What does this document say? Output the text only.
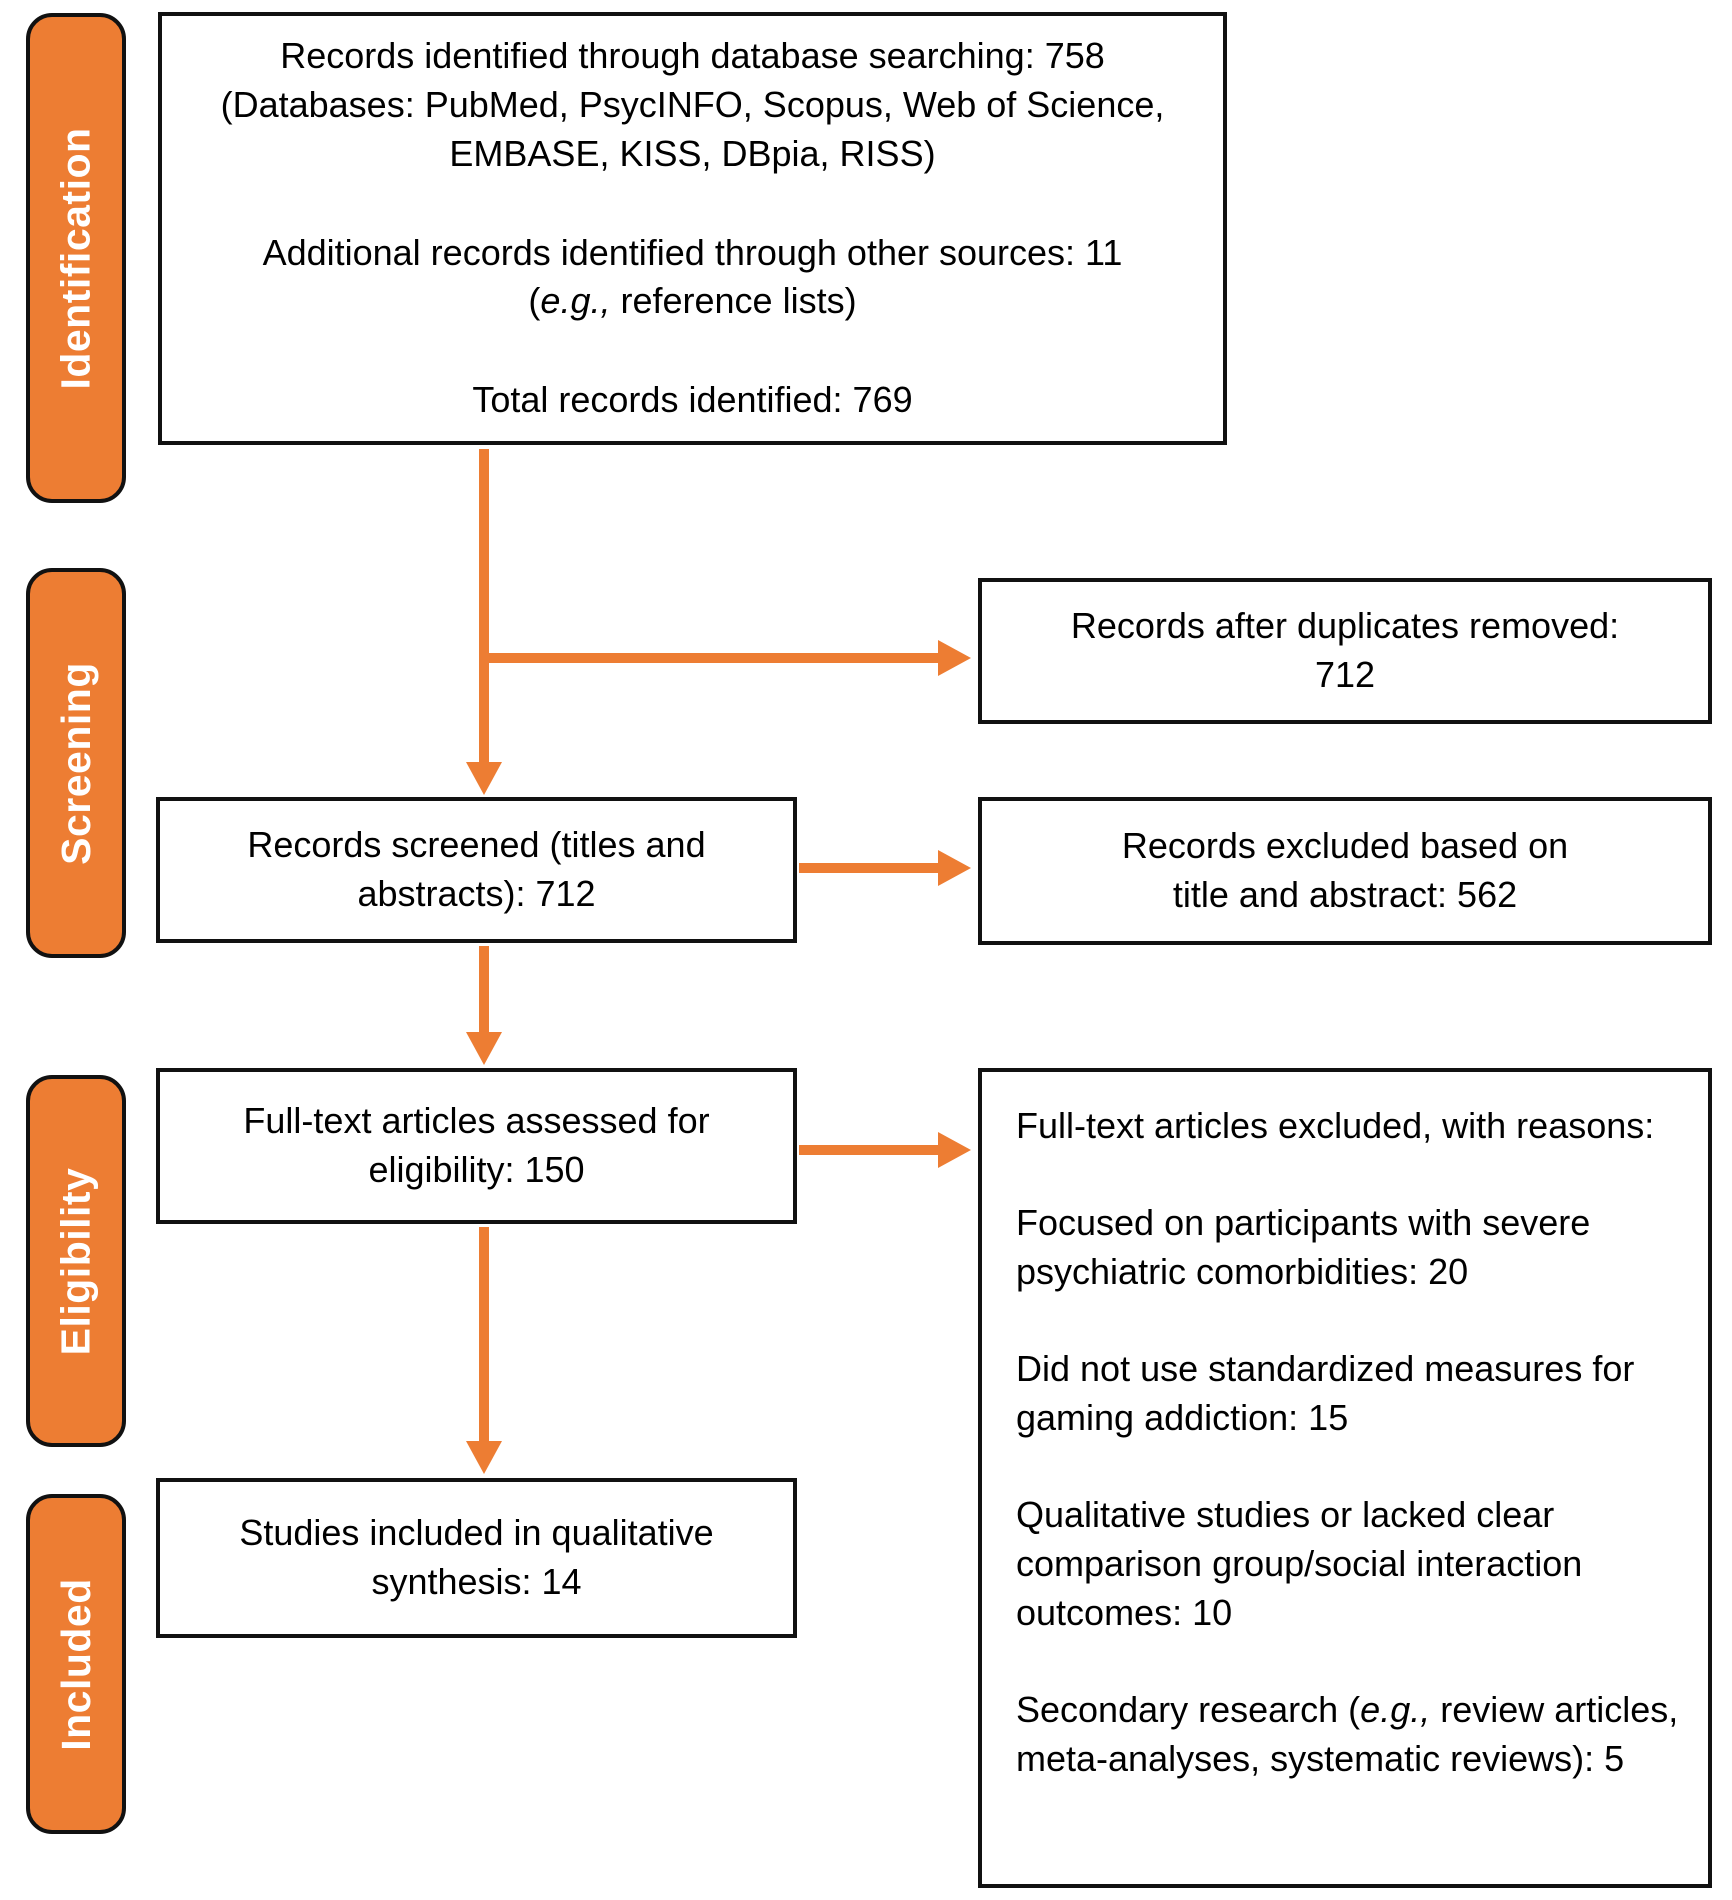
Identification
Screening
Eligibility
Included
Records identified through database searching: 758
(Databases: PubMed, PsycINFO, Scopus, Web of Science,
EMBASE, KISS, DBpia, RISS)
Additional records identified through other sources: 11
(e.g., reference lists)
Total records identified: 769
Records after duplicates removed:
712
Records screened (titles and
abstracts): 712
Records excluded based on
title and abstract: 562
Full-text articles assessed for
eligibility: 150

Full-text articles excluded, with reasons:

Focused on participants with severe psychiatric comorbidities: 20

Did not use standardized measures for gaming addiction: 15

Qualitative studies or lacked clear comparison group/social interaction outcomes: 10

Secondary research (e.g., review articles, meta-analyses, systematic reviews): 5

Studies included in qualitative
synthesis: 14
